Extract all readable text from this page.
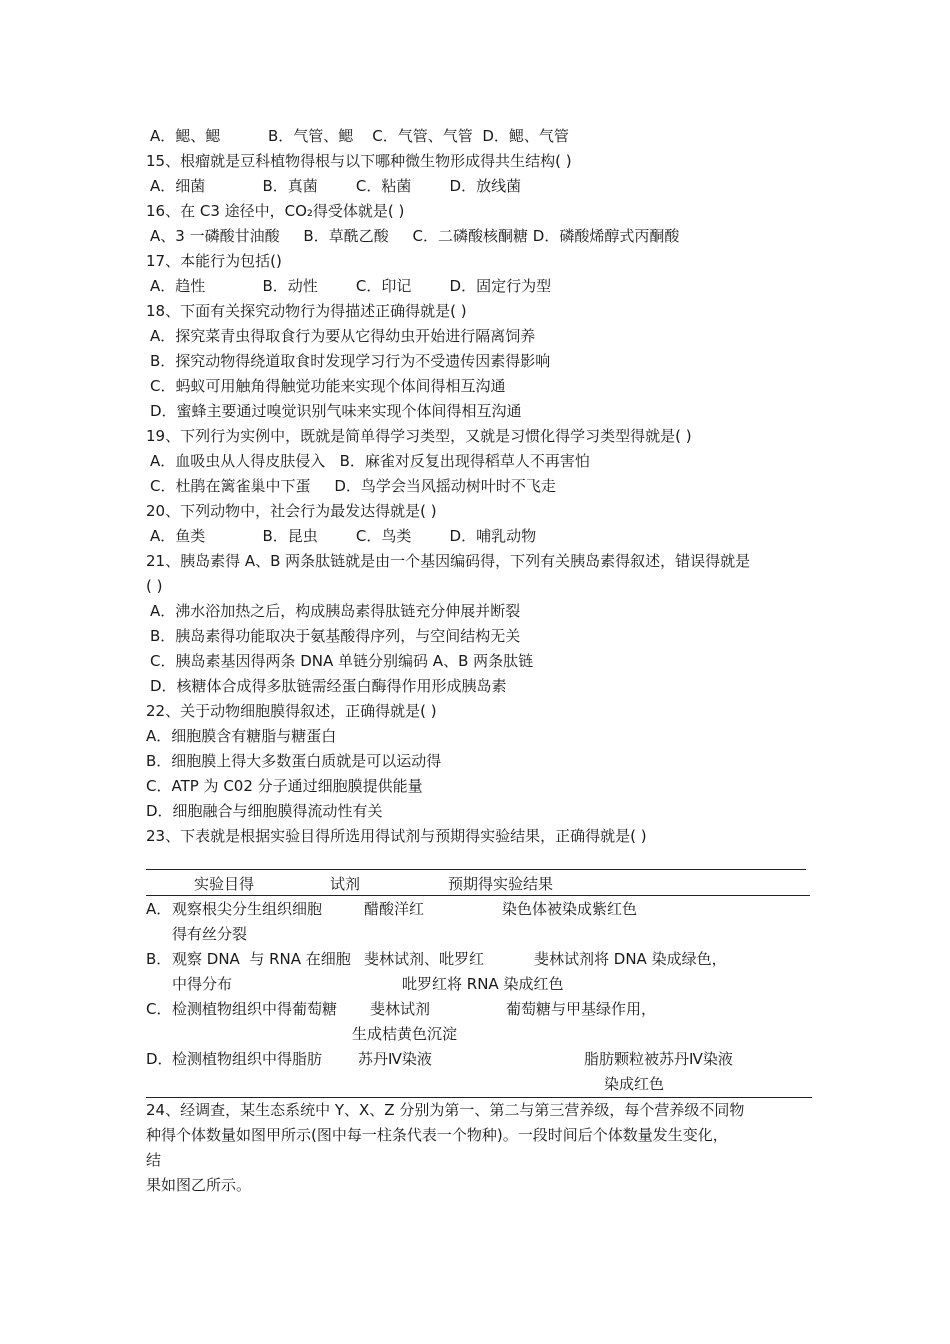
A．鳃、鳃          B．气管、鳃    C．气管、气管  D．鳃、气管
15、根瘤就是豆科植物得根与以下哪种微生物形成得共生结构( )
A．细菌            B．真菌        C．粘菌        D．放线菌
16、在 C3 途径中，CO₂得受体就是( )
A、3 一磷酸甘油酸     B．草酰乙酸     C．二磷酸核酮糖 D．磷酸烯醇式丙酮酸
17、本能行为包括()
A．趋性            B．动性        C．印记        D．固定行为型
18、下面有关探究动物行为得描述正确得就是( )
A．探究菜青虫得取食行为要从它得幼虫开始进行隔离饲养
B．探究动物得绕道取食时发现学习行为不受遗传因素得影响
C．蚂蚁可用触角得触觉功能来实现个体间得相互沟通
D．蜜蜂主要通过嗅觉识别气味来实现个体间得相互沟通
19、下列行为实例中，既就是简单得学习类型，又就是习惯化得学习类型得就是( )
A．血吸虫从人得皮肤侵入   B．麻雀对反复出现得稻草人不再害怕
C．杜鹃在篱雀巢中下蛋     D．鸟学会当风摇动树叶时不飞走
20、下列动物中，社会行为最发达得就是( )
A．鱼类            B．昆虫        C．鸟类        D．哺乳动物
21、胰岛素得 A、B 两条肽链就是由一个基因编码得，下列有关胰岛素得叙述，错误得就是
( )
A．沸水浴加热之后，构成胰岛素得肽链充分伸展并断裂
B．胰岛素得功能取决于氨基酸得序列，与空间结构无关
C．胰岛素基因得两条 DNA 单链分别编码 A、B 两条肽链
D．核糖体合成得多肽链需经蛋白酶得作用形成胰岛素
22、关于动物细胞膜得叙述，正确得就是( )
A．细胞膜含有糖脂与糖蛋白
B．细胞膜上得大多数蛋白质就是可以运动得
C．ATP 为 C02 分子通过细胞膜提供能量
D．细胞融合与细胞膜得流动性有关
23、下表就是根据实验目得所选用得试剂与预期得实验结果，正确得就是( )
实验目得	试剂	预期得实验结果
A． 观察根尖分生组织细胞
得有丝分裂
醋酸洋红	染色体被染成紫红色
B． 观察 DNA  与 RNA 在细胞
中得分布
斐林试剂、吡罗红	斐林试剂将 DNA 染成绿色，
吡罗红将 RNA 染成红色
C． 检测植物组织中得葡萄糖 斐林试剂	葡萄糖与甲基绿作用，
生成桔黄色沉淀
D． 检测植物组织中得脂肪 苏丹Ⅳ染液	脂肪颗粒被苏丹Ⅳ染液
染成红色
24、经调查，某生态系统中 Y、X、Z 分别为第一、第二与第三营养级，每个营养级不同物
种得个体数量如图甲所示(图中每一柱条代表一个物种)。一段时间后个体数量发生变化，
结
果如图乙所示。
